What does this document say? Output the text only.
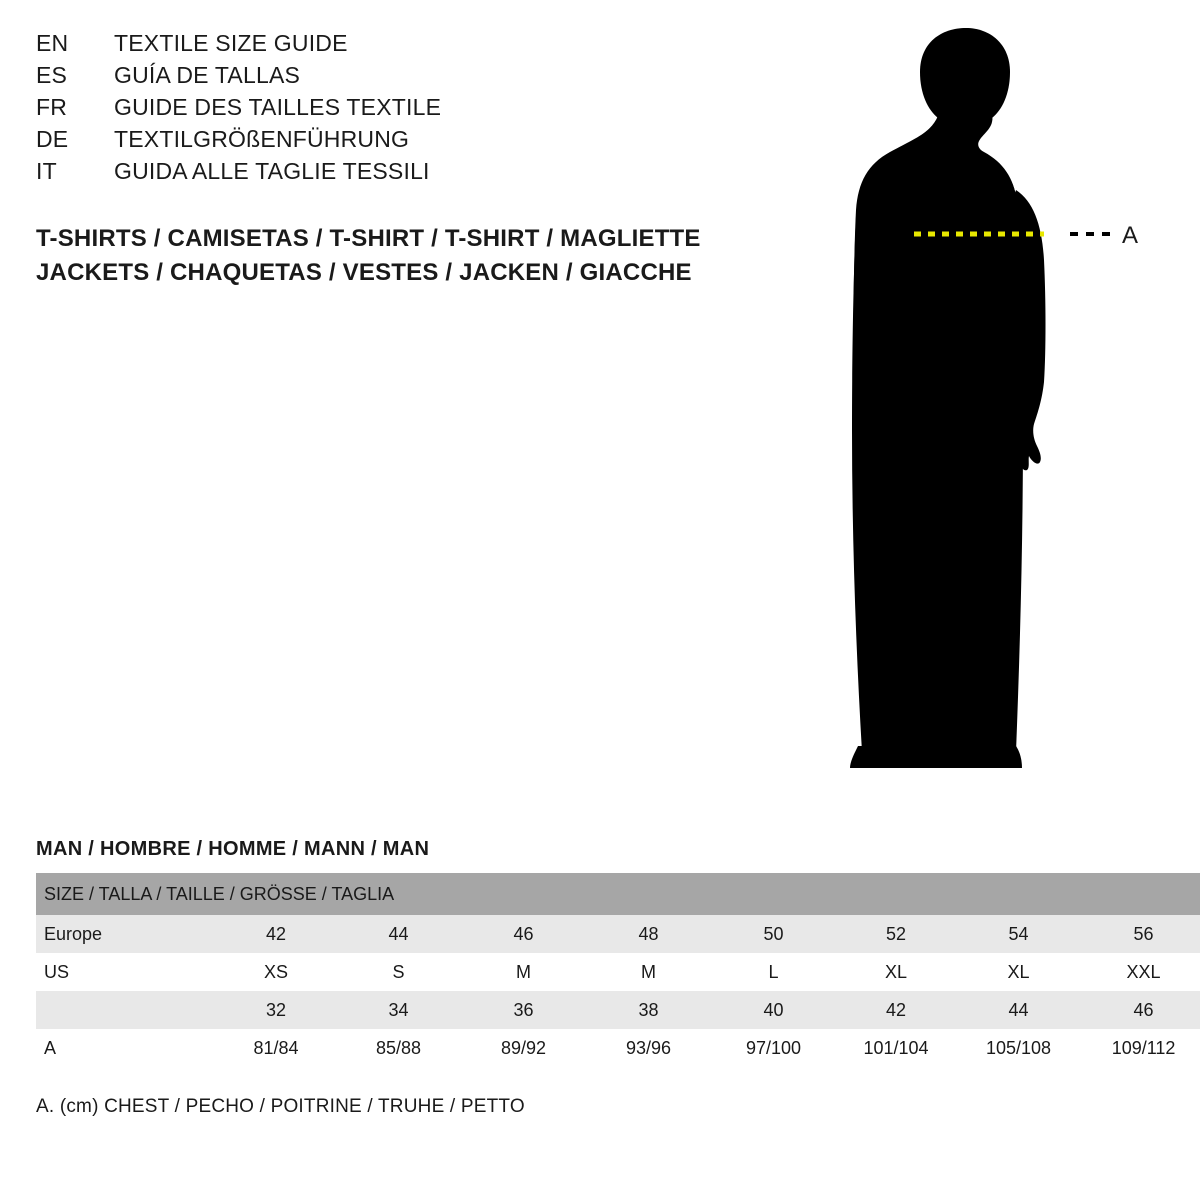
EN	TEXTILE SIZE GUIDE
ES	GUÍA DE TALLAS
FR	GUIDE DES TAILLES TEXTILE
DE	TEXTILGRÖßENFÜHRUNG
IT	GUIDA ALLE TAGLIE TESSILI
T-SHIRTS / CAMISETAS / T-SHIRT / T-SHIRT / MAGLIETTE
JACKETS / CHAQUETAS / VESTES / JACKEN / GIACCHE
A
MAN / HOMBRE / HOMME / MANN / MAN
SIZE / TALLA / TAILLE / GRÖSSE / TAGLIA								
Europe	42	44	46	48	50	52	54	56
US	XS	S	M	M	L	XL	XL	XXL
	32	34	36	38	40	42	44	46
A	81/84	85/88	89/92	93/96	97/100	101/104	105/108	109/112
A. (cm) CHEST / PECHO / POITRINE / TRUHE / PETTO
